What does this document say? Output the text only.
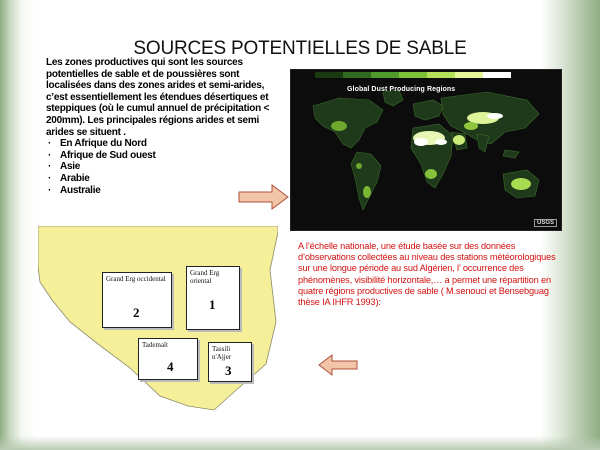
SOURCES POTENTIELLES DE SABLE

Les zones productives qui sont les sources potentielles de sable et de poussières sont localisées dans des zones arides et semi-arides, c’est essentiellement les étendues désertiques et steppiques (où le cumul annuel de précipitation < 200mm). Les principales régions arides et semi arides se situent .

· En Afrique du Nord
· Afrique de Sud ouest
· Asie
· Arabie
· Australie
Global Dust Producing Regions
USGS
Grand Erg occidental
2
Grand Erg oriental
1
Tademaït
4
Tassili n'Ajjer
3

A l’échelle nationale, une étude basée sur des données d’observations collectées au niveau des stations météorologiques sur une longue période au sud Algérien, l’ occurrence des phénomènes, visibilité horizontale,… a permet une répartition en quatre régions productives de sable ( M.senouci et Bensebguag thèse IA IHFR 1993):
